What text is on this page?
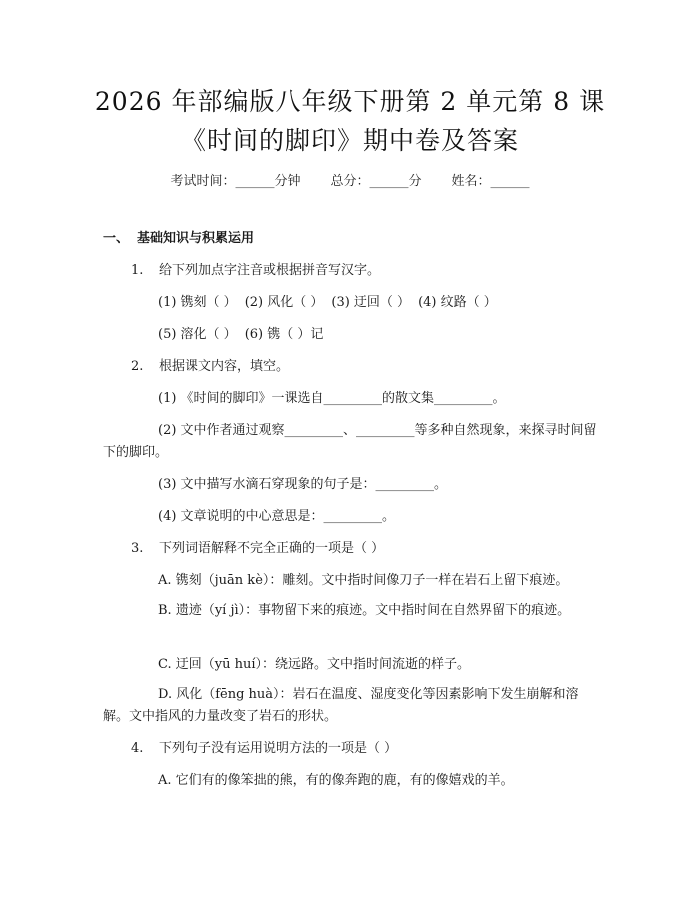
2026 年部编版八年级下册第 2 单元第 8 课
《时间的脚印》期中卷及答案
考试时间：______分钟 总分：______分 姓名：______
一、 基础知识与积累运用
1. 给下列加点字注音或根据拼音写汉字。
(1) 镌刻（ ） (2) 风化（ ） (3) 迂回（ ） (4) 纹路（ ）
(5) 溶化（ ） (6) 镌（ ）记
2. 根据课文内容，填空。
(1) 《时间的脚印》一课选自_________的散文集_________。
(2) 文中作者通过观察_________、_________等多种自然现象，来探寻时间留下的脚印。
(3) 文中描写水滴石穿现象的句子是：_________。
(4) 文章说明的中心意思是：_________。
3. 下列词语解释不完全正确的一项是（ ）
A. 镌刻（juān kè）：雕刻。文中指时间像刀子一样在岩石上留下痕迹。
B. 遗迹（yí jì）：事物留下来的痕迹。文中指时间在自然界留下的痕迹。
C. 迂回（yū huí）：绕远路。文中指时间流逝的样子。
D. 风化（fēng huà）：岩石在温度、湿度变化等因素影响下发生崩解和溶解。文中指风的力量改变了岩石的形状。
4. 下列句子没有运用说明方法的一项是（ ）
A. 它们有的像笨拙的熊，有的像奔跑的鹿，有的像嬉戏的羊。
